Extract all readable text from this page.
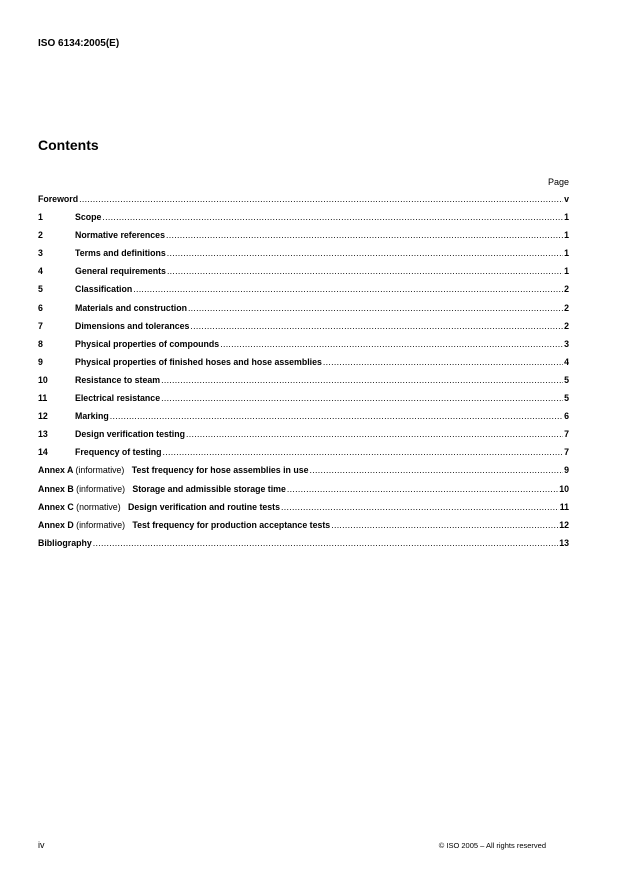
ISO 6134:2005(E)
Contents
Page
Foreword .....	v
1	Scope .....	1
2	Normative references .....	1
3	Terms and definitions .....	1
4	General requirements .....	1
5	Classification .....	2
6	Materials and construction .....	2
7	Dimensions and tolerances .....	2
8	Physical properties of compounds .....	3
9	Physical properties of finished hoses and hose assemblies .....	4
10	Resistance to steam .....	5
11	Electrical resistance .....	5
12	Marking .....	6
13	Design verification testing .....	7
14	Frequency of testing .....	7
Annex A (informative) Test frequency for hose assemblies in use .....	9
Annex B (informative) Storage and admissible storage time .....	10
Annex C (normative) Design verification and routine tests .....	11
Annex D (informative) Test frequency for production acceptance tests .....	12
Bibliography .....	13
iv	© ISO 2005 – All rights reserved
